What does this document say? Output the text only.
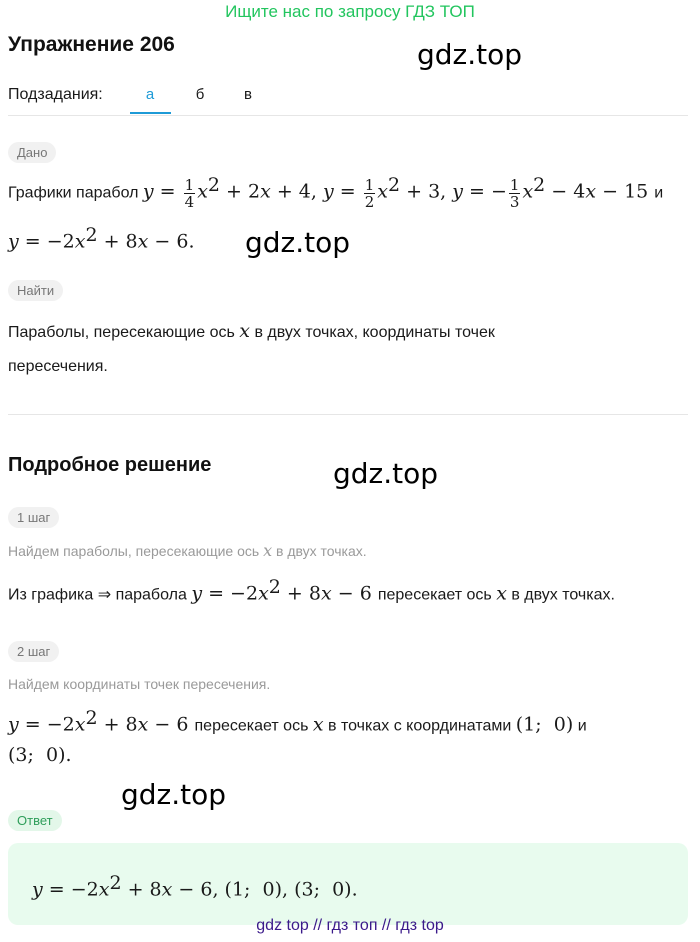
Ищите нас по запросу ГДЗ ТОП
Упражнение 206	gdz.top
Подзадания:	а	б	в
Дано
Графики парабол $y = \frac{1}{4} x^2 + 2x + 4$, $y = \frac{1}{2} x^2 + 3$, y = − $\frac{1}{3} x^2 - 4x - 15$ и
$y = -2x^2 + 8x - 6$. gdz.top
Найти
Параболы, пересекающие ось x в двух точках, координаты точек
пересечения.
Подробное решение	gdz.top
1 шаг
Найдем параболы, пересекающие ось x в двух точках.
Из графика ⇒ парабола $y = -2x^2 + 8x - 6$ пересекает ось x в двух точках.
2 шаг
Найдем координаты точек пересечения.
$y = -2x^2 + 8x - 6$ пересекает ось x в точках с координатами (1;  0) и
(3;  0).
gdz.top
Ответ
$y = -2x^2 + 8x - 6$, (1;  0), (3;  0).
gdz top // гдз топ // гдз top
